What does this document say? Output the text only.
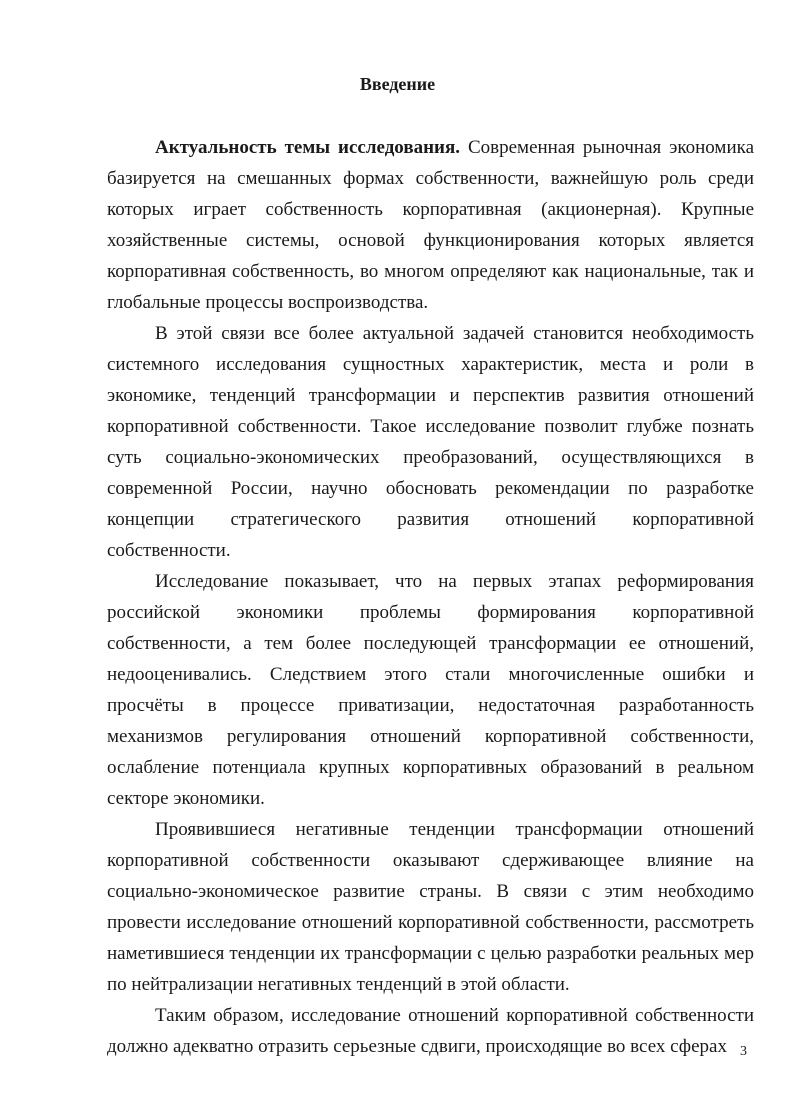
Введение

Актуальность темы исследования. Современная рыночная экономика базируется на смешанных формах собственности, важнейшую роль среди которых играет собственность корпоративная (акционерная). Крупные хозяйственные системы, основой функционирования которых является корпоративная собственность, во многом определяют как национальные, так и глобальные процессы воспроизводства.

В этой связи все более актуальной задачей становится необходимость системного исследования сущностных характеристик, места и роли в экономике, тенденций трансформации и перспектив развития отношений корпоративной собственности. Такое исследование позволит глубже познать суть социально-экономических преобразований, осуществляющихся в современной России, научно обосновать рекомендации по разработке концепции стратегического развития отношений корпоративной собственности.

Исследование показывает, что на первых этапах реформирования российской экономики проблемы формирования корпоративной собственности, а тем более последующей трансформации ее отношений, недооценивались. Следствием этого стали многочисленные ошибки и просчёты в процессе приватизации, недостаточная разработанность механизмов регулирования отношений корпоративной собственности, ослабление потенциала крупных корпоративных образований в реальном секторе экономики.

Проявившиеся негативные тенденции трансформации отношений корпоративной собственности оказывают сдерживающее влияние на социально-экономическое развитие страны. В связи с этим необходимо провести исследование отношений корпоративной собственности, рассмотреть наметившиеся тенденции их трансформации с целью разработки реальных мер по нейтрализации негативных тенденций в этой области.

Таким образом, исследование отношений корпоративной собственности должно адекватно отразить серьезные сдвиги, происходящие во всех сферах 3
